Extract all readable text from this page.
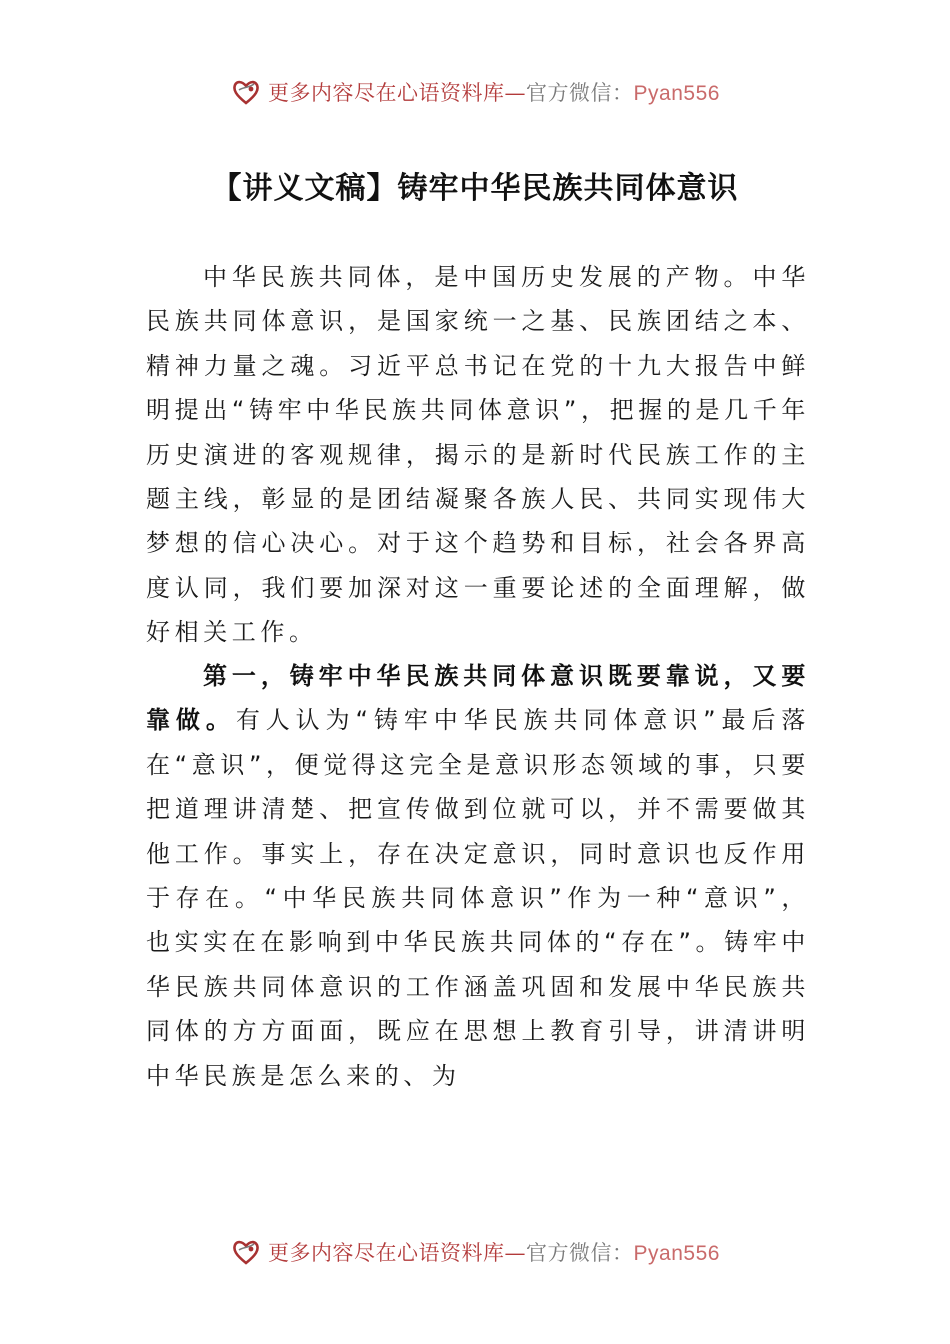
更多内容尽在心语资料库—官方微信：Pyan556
【讲义文稿】铸牢中华民族共同体意识

中华民族共同体，是中国历史发展的产物。中华民族共同体意识，是国家统一之基、民族团结之本、精神力量之魂。习近平总书记在党的十九大报告中鲜明提出“铸牢中华民族共同体意识”，把握的是几千年历史演进的客观规律，揭示的是新时代民族工作的主题主线，彰显的是团结凝聚各族人民、共同实现伟大梦想的信心决心。对于这个趋势和目标，社会各界高度认同，我们要加深对这一重要论述的全面理解，做好相关工作。

第一，铸牢中华民族共同体意识既要靠说，又要靠做。有人认为“铸牢中华民族共同体意识”最后落在“意识”，便觉得这完全是意识形态领域的事，只要把道理讲清楚、把宣传做到位就可以，并不需要做其他工作。事实上，存在决定意识，同时意识也反作用于存在。“中华民族共同体意识”作为一种“意识”，也实实在在影响到中华民族共同体的“存在”。铸牢中华民族共同体意识的工作涵盖巩固和发展中华民族共同体的方方面面，既应在思想上教育引导，讲清讲明中华民族是怎么来的、为

更多内容尽在心语资料库—官方微信：Pyan556
